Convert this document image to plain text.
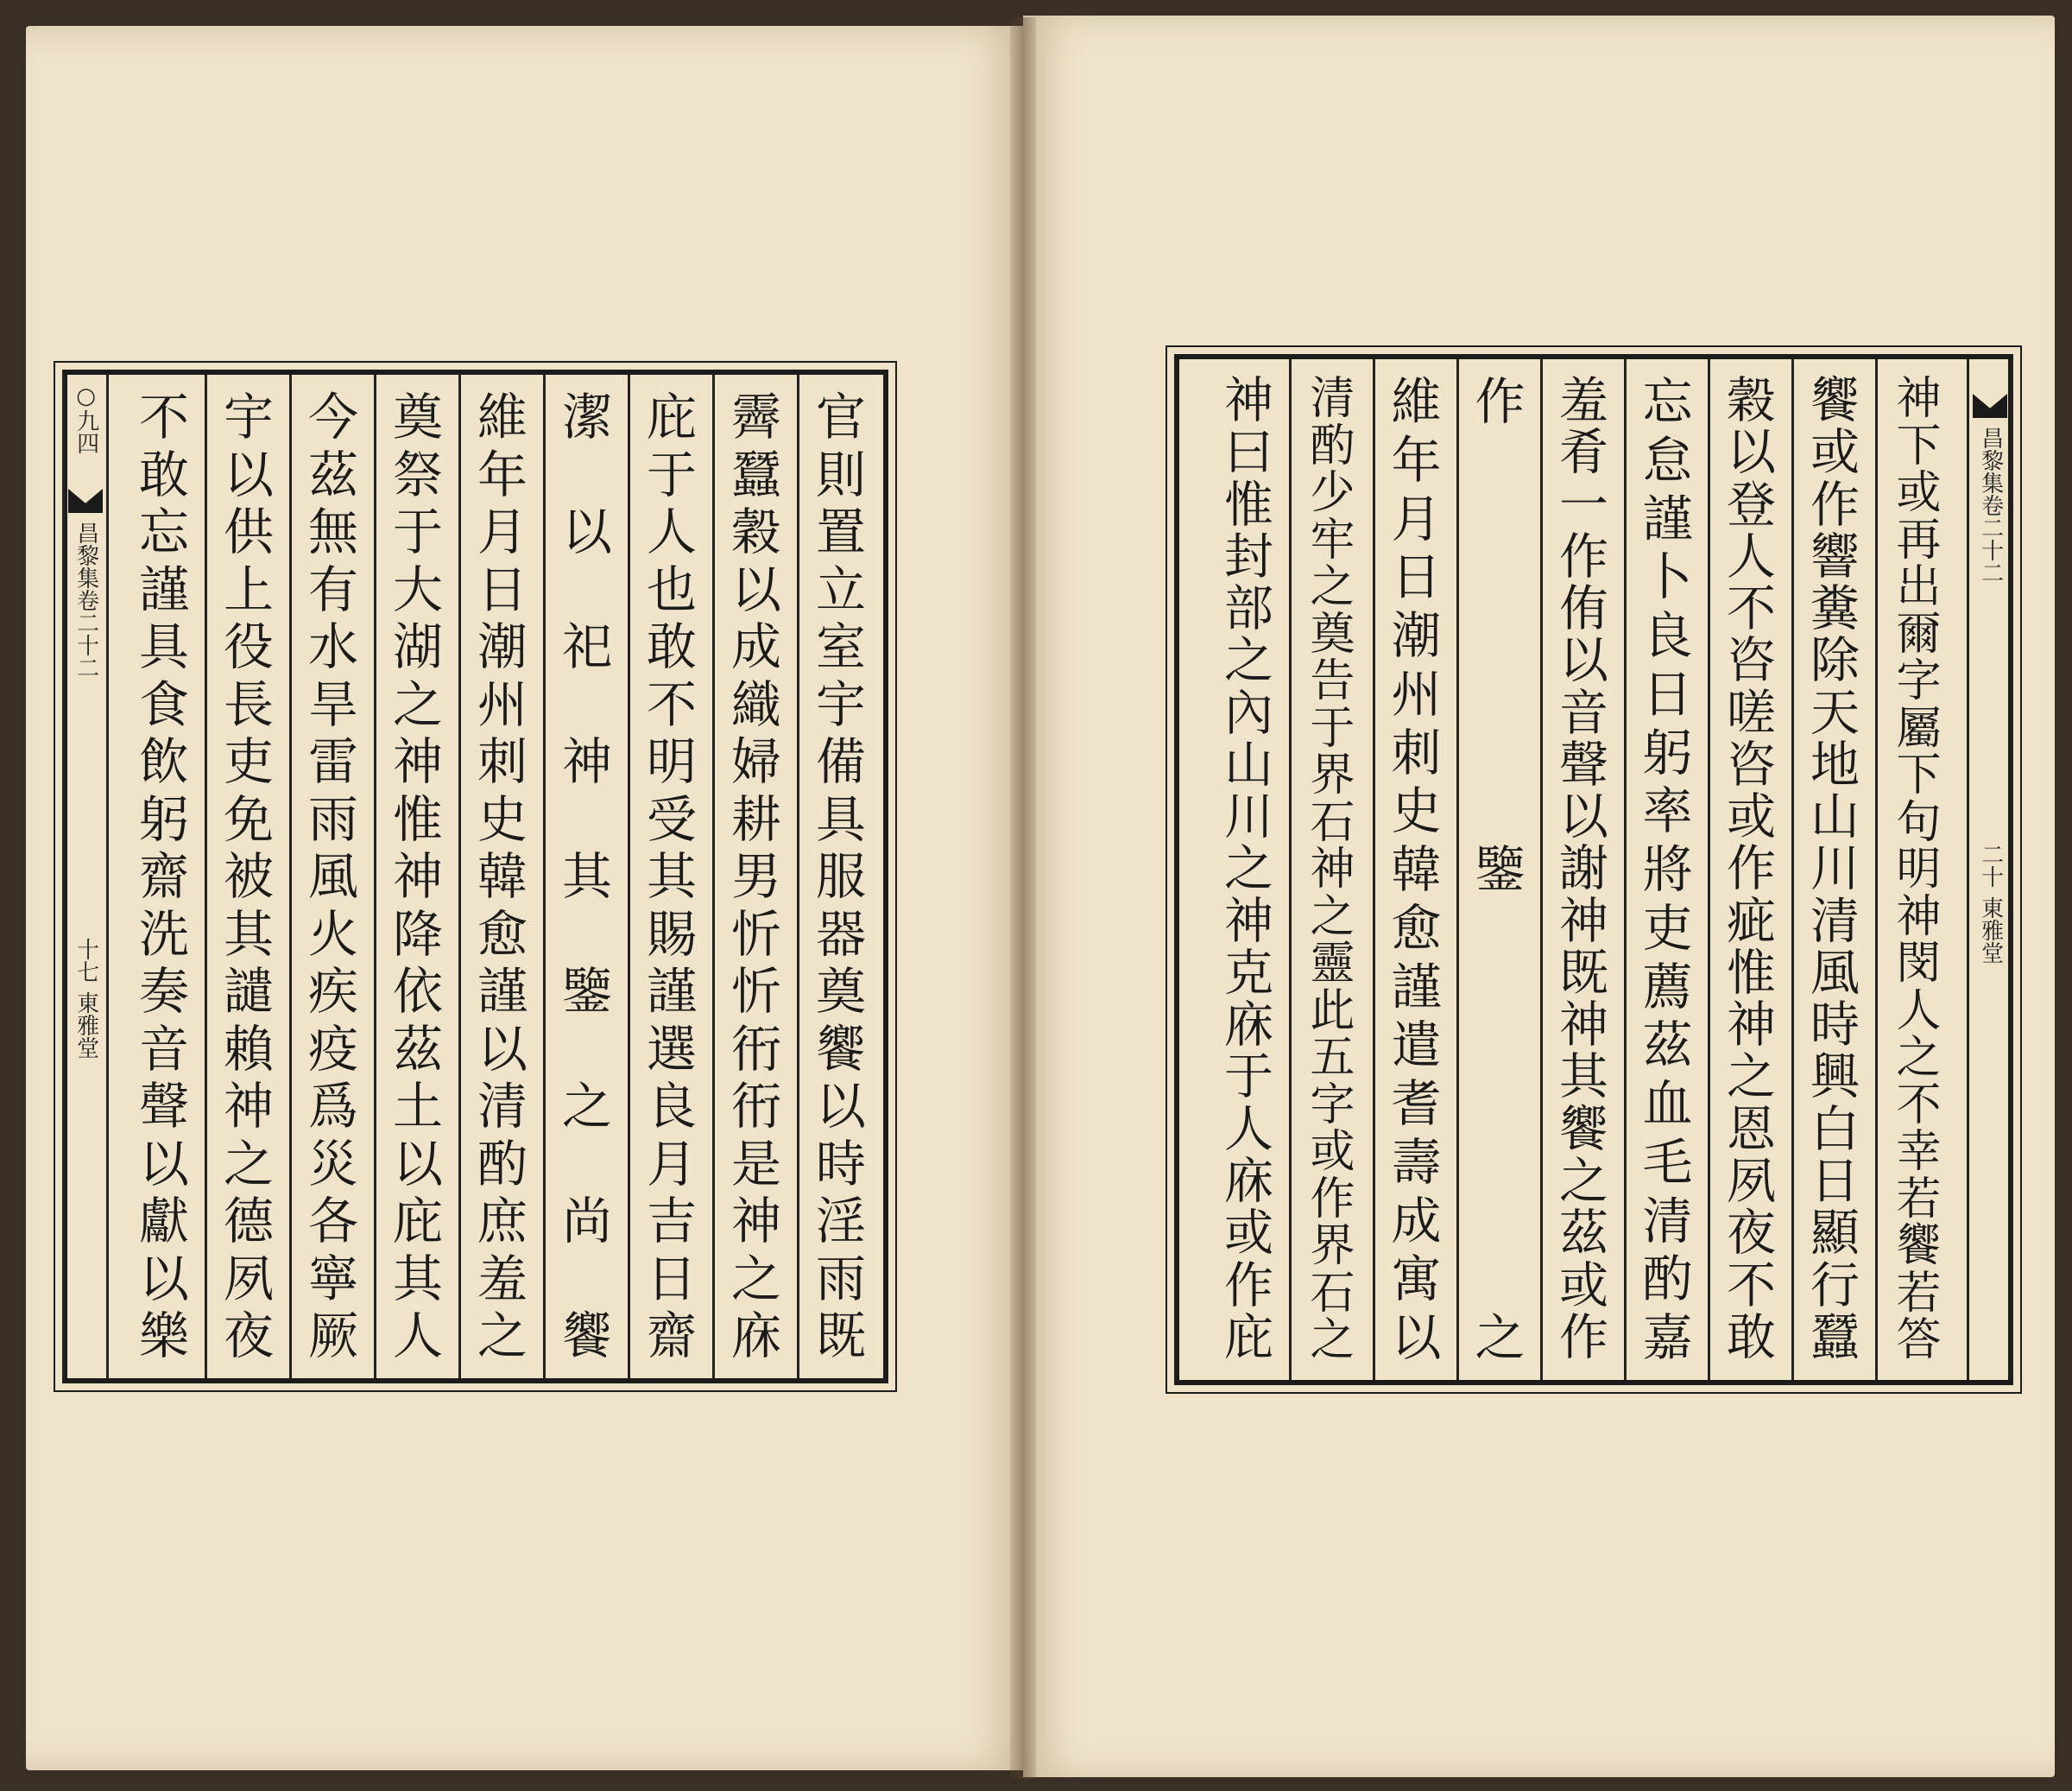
○九四
昌黎集卷二十二
十七
東雅堂
官
則
置
立
室
宇
備
具
服
器
奠
饗
以
時
淫
雨
既
霽
蠶
穀
以
成
織
婦
耕
男
忻
忻
衎
衎
是
神
之
庥
庇
于
人
也
敢
不
明
受
其
賜
謹
選
良
月
吉
日
齋
潔
以
祀
神
其
鑒
之
尚
饗
維
年
月
日
潮
州
刺
史
韓
愈
謹
以
清
酌
庶
羞
之
奠
祭
于
大
湖
之
神
惟
神
降
依
茲
土
以
庇
其
人
今
茲
無
有
水
旱
雷
雨
風
火
疾
疫
爲
災
各
寧
厥
宇
以
供
上
役
長
吏
免
被
其
譴
賴
神
之
德
夙
夜
不
敢
忘
謹
具
食
飲
躬
齋
洗
奏
音
聲
以
獻
以
樂
昌黎集卷二十二
二十
東雅堂
神
下
或
再
出
爾
字
屬
下
句
明
神
閔
人
之
不
幸
若
饗
若
答
饗
或
作
響
糞
除
天
地
山
川
清
風
時
興
白
日
顯
行
蠶
穀
以
登
人
不
咨
嗟
咨
或
作
疵
惟
神
之
恩
夙
夜
不
敢
忘
怠
謹
卜
良
日
躬
率
將
吏
薦
茲
血
毛
清
酌
嘉
羞
肴
一
作
侑
以
音
聲
以
謝
神
既
神
其
饗
之
茲
或
作
作
鑒
之
維
年
月
日
潮
州
刺
史
韓
愈
謹
遣
耆
壽
成
寓
以
清
酌
少
牢
之
奠
告
于
界
石
神
之
靈
此
五
字
或
作
界
石
之
神
曰
惟
封
部
之
內
山
川
之
神
克
庥
于
人
庥
或
作
庇
